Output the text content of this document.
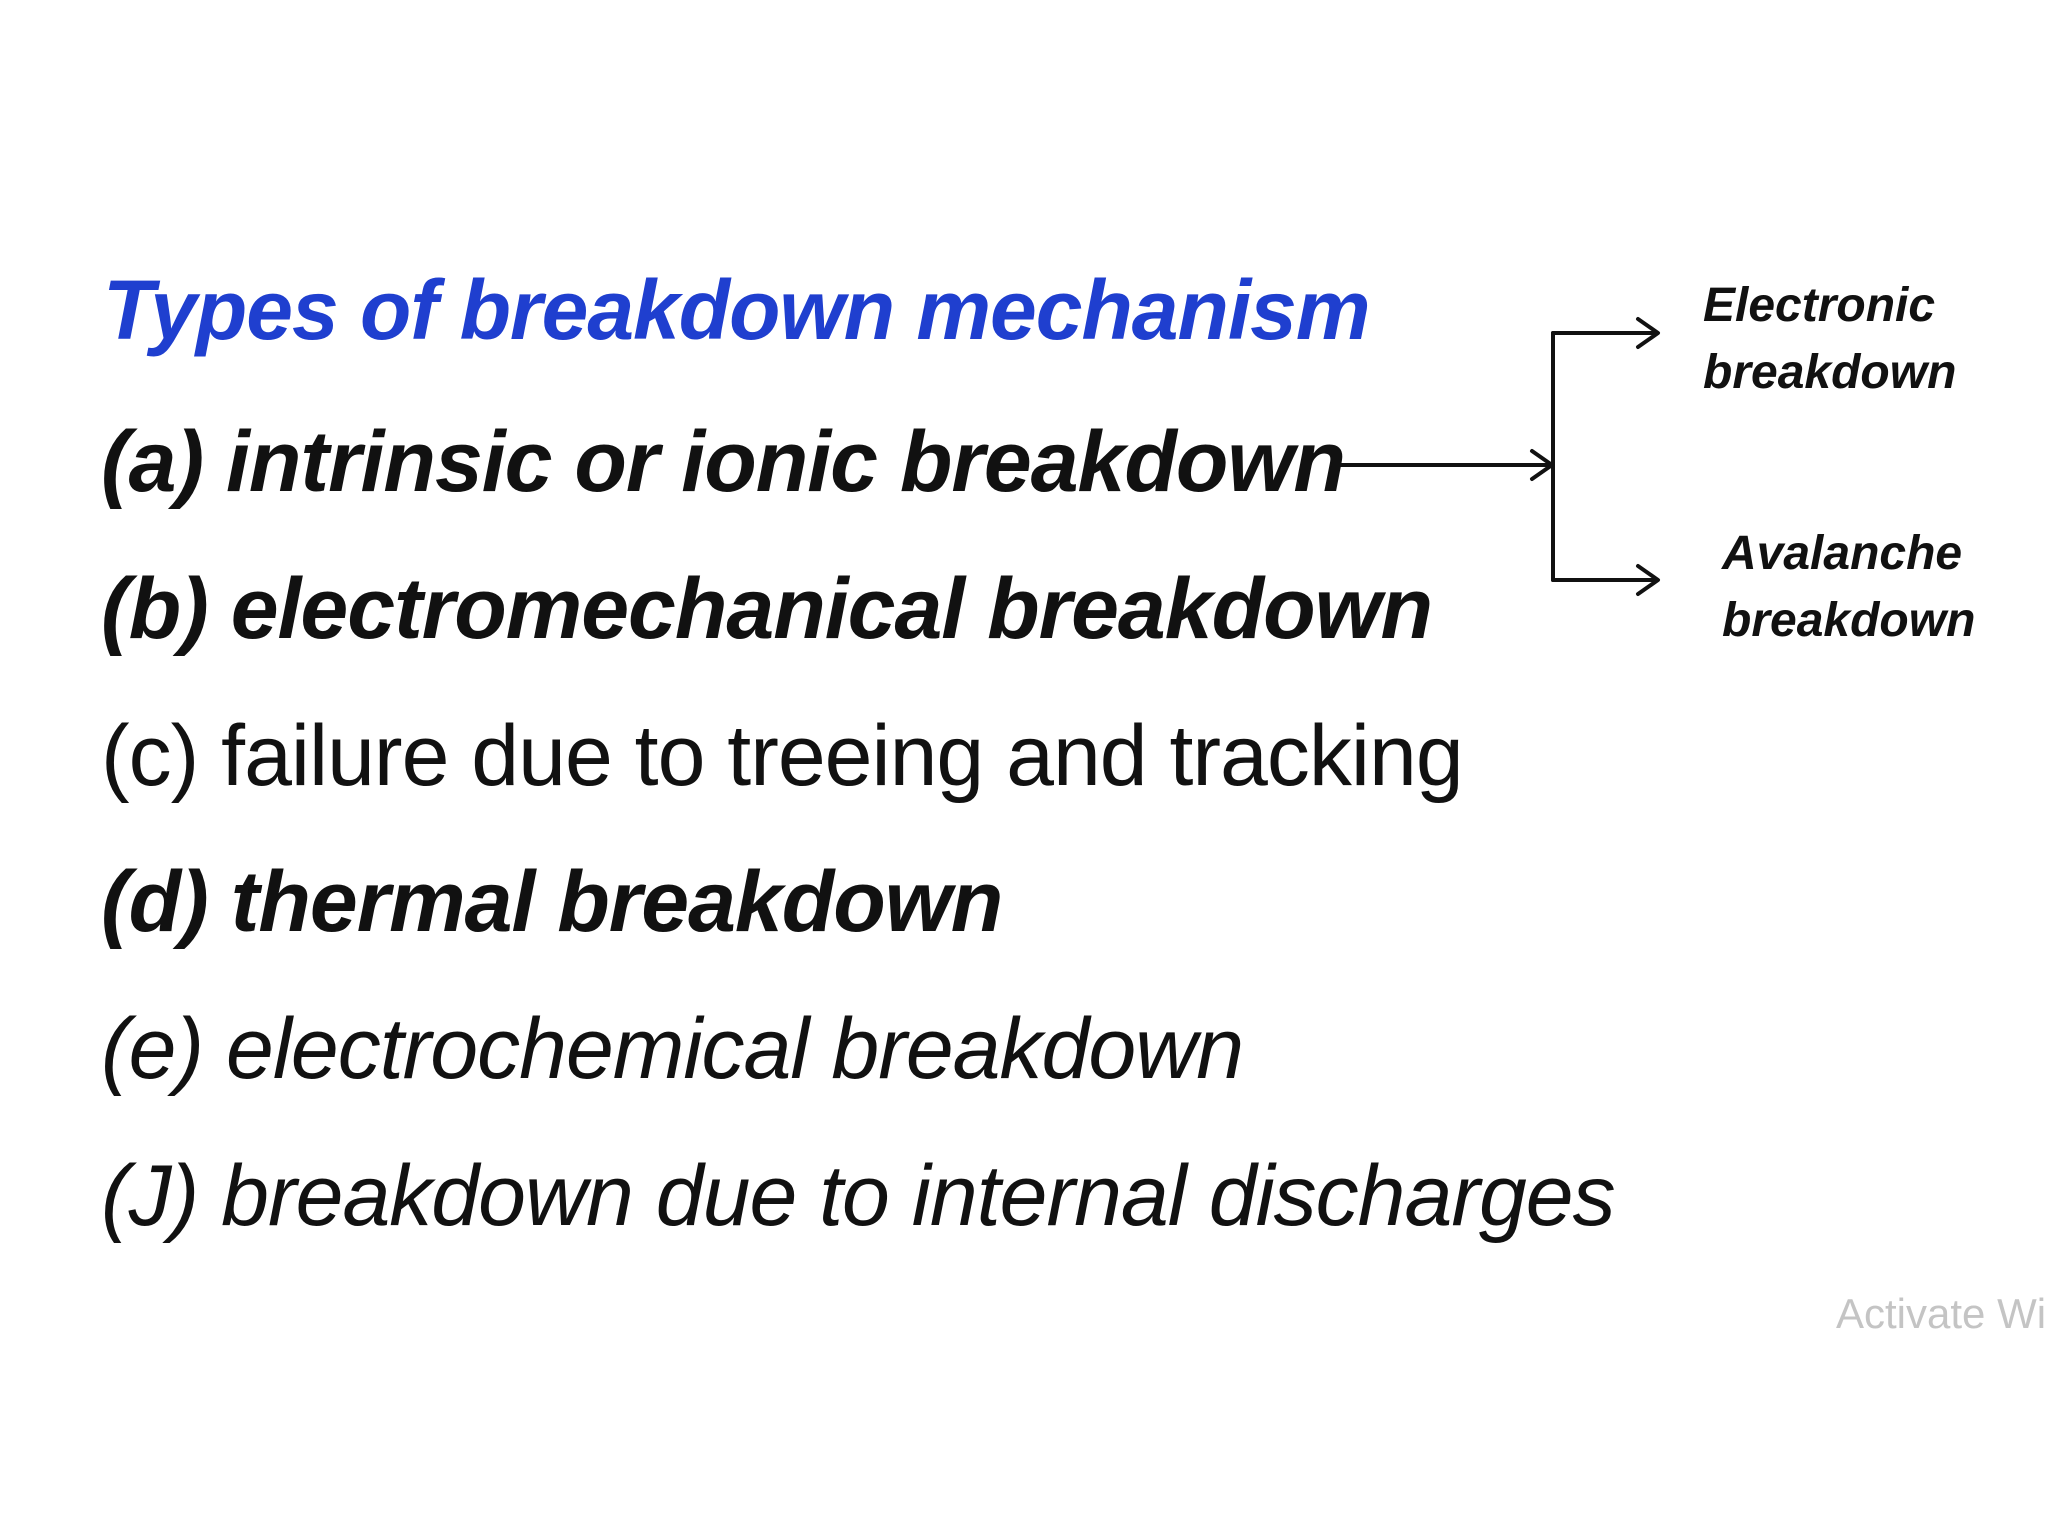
Types of breakdown mechanism
(a) intrinsic or ionic breakdown
(b) electromechanical breakdown
(c) failure due to treeing and tracking
(d) thermal breakdown
(e) electrochemical breakdown
(J) breakdown due to internal discharges
Electronic
breakdown
Avalanche
breakdown
Activate Wi
